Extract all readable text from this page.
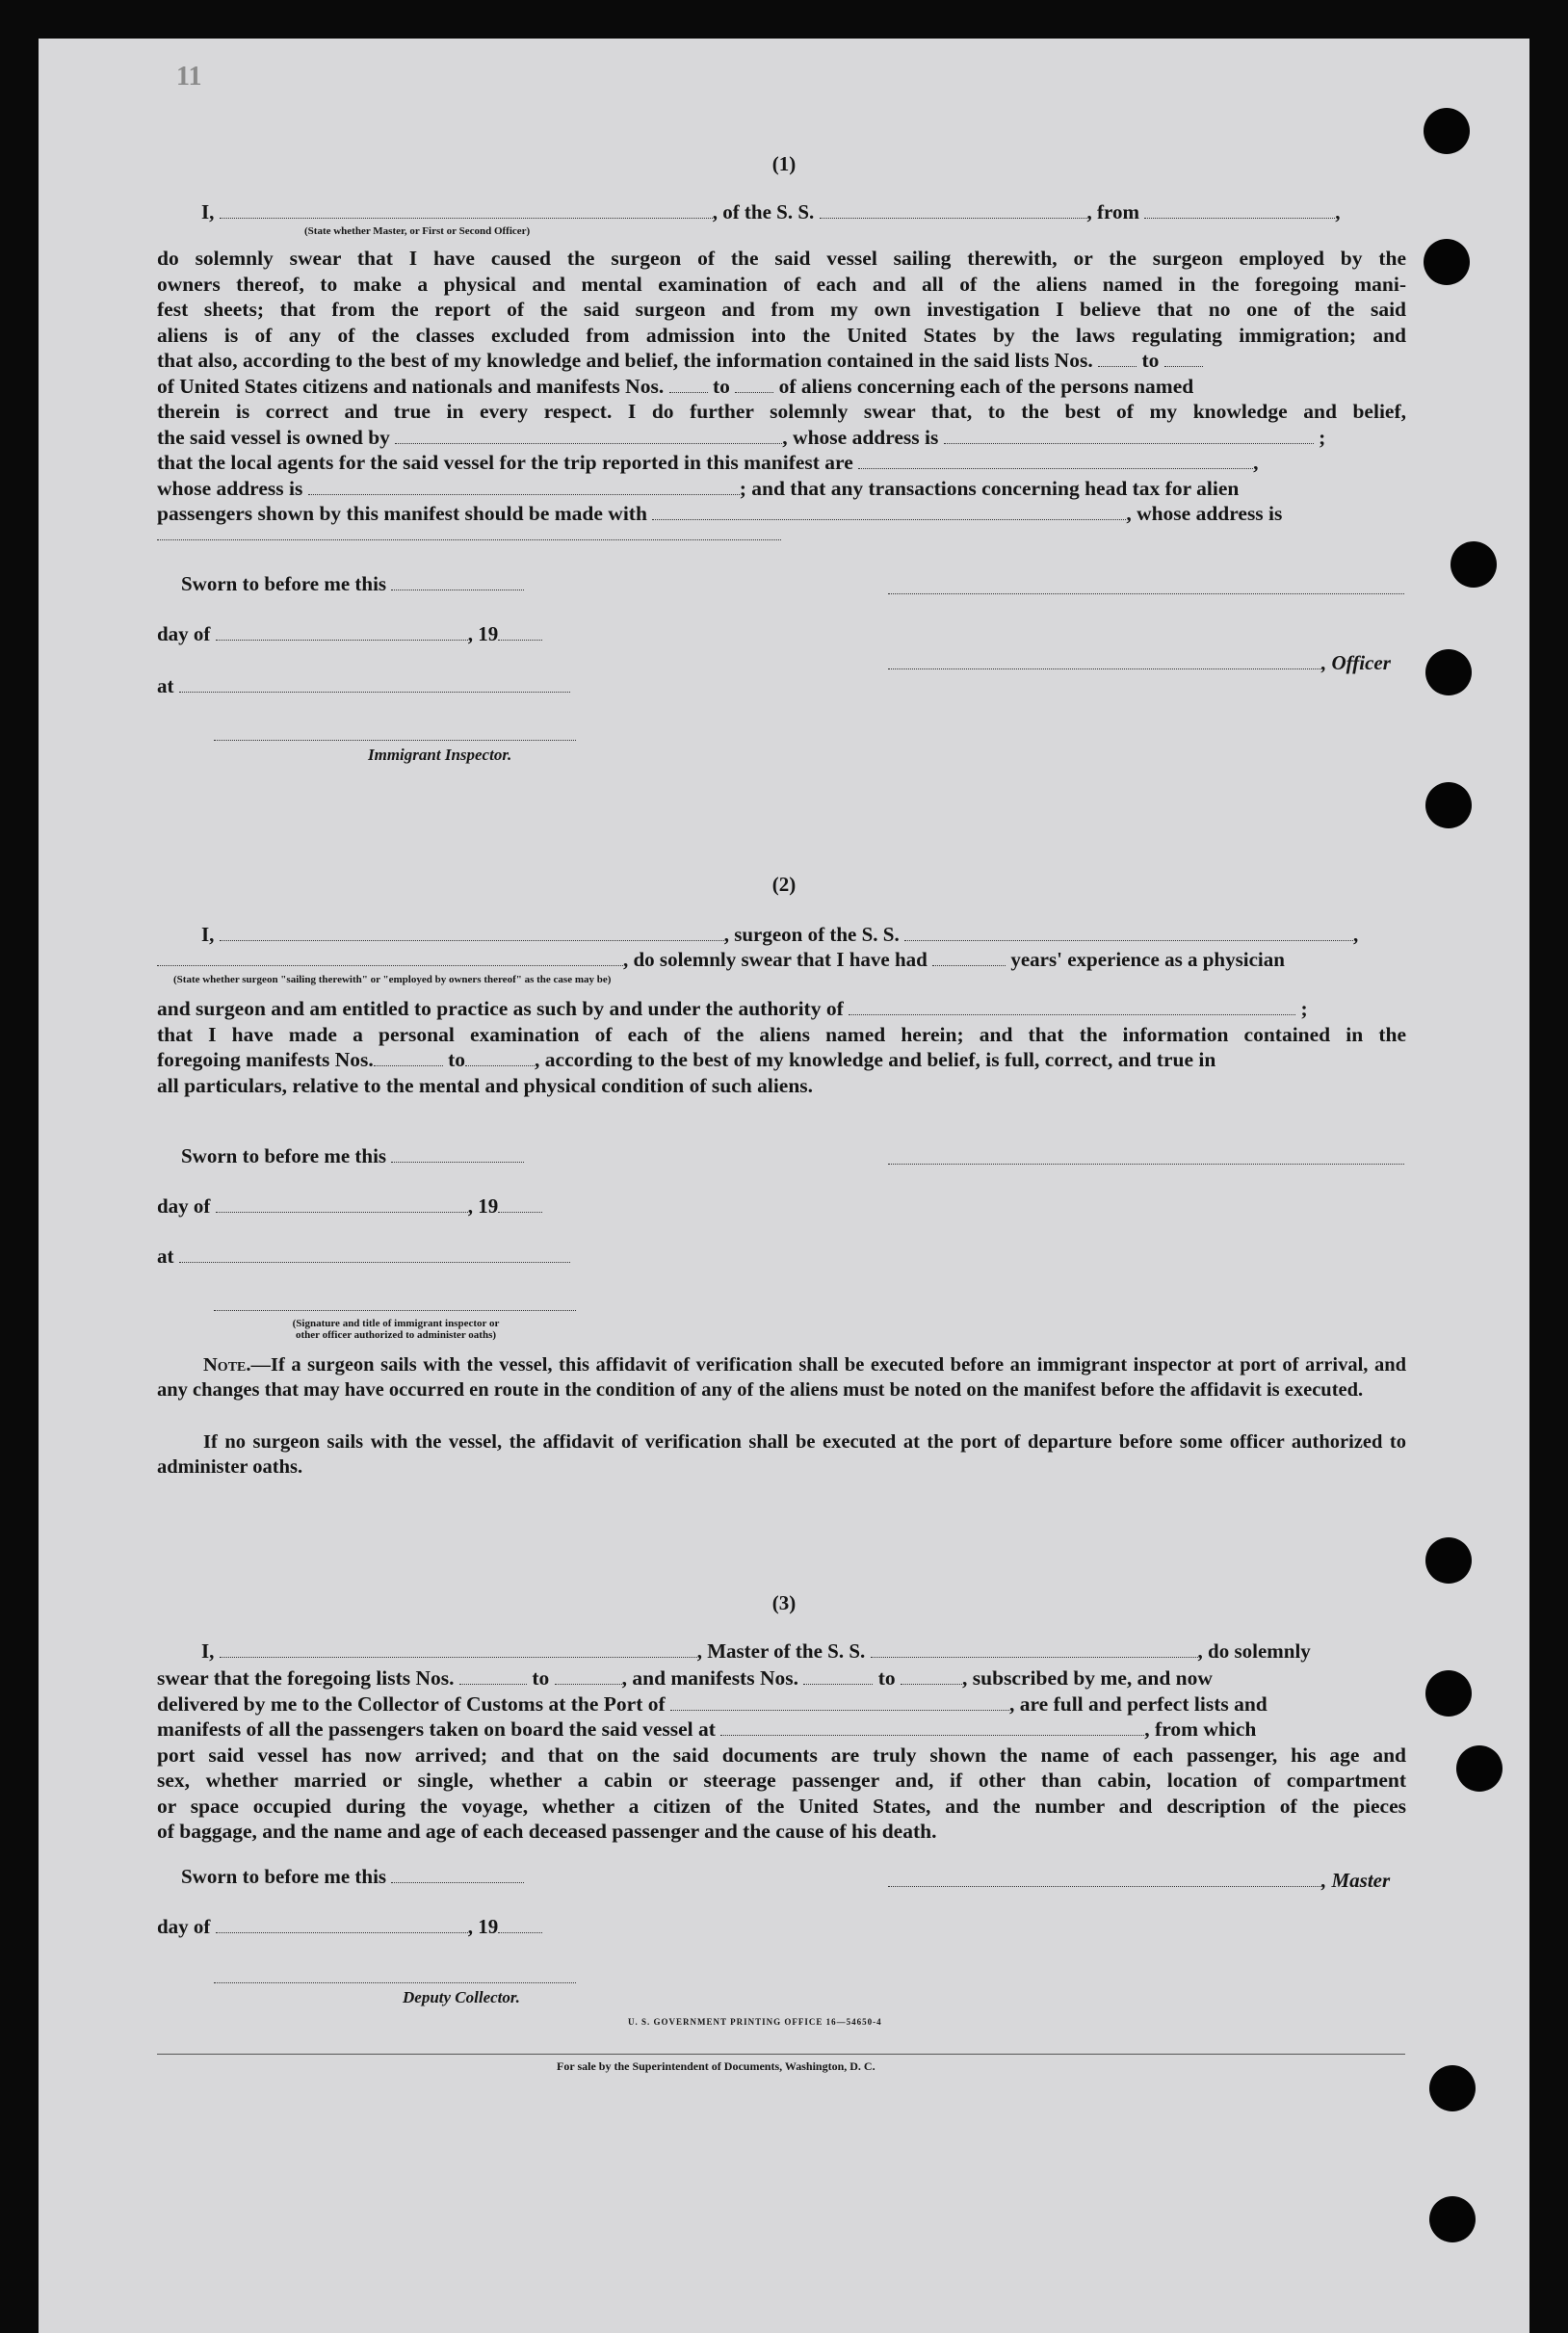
11
(1)
I,	, of the S. S.	, from	,
(State whether Master, or First or Second Officer)
do solemnly swear that I have caused the surgeon of the said vessel sailing therewith, or the surgeon employed by the
owners thereof, to make a physical and mental examination of each and all of the aliens named in the foregoing mani-
fest sheets; that from the report of the said surgeon and from my own investigation I believe that no one of the said
aliens is of any of the classes excluded from admission into the United States by the laws regulating immigration; and
that also, according to the best of my knowledge and belief, the information contained in the said lists Nos. to
of United States citizens and nationals and manifests Nos. to of aliens concerning each of the persons named
therein is correct and true in every respect. I do further solemnly swear that, to the best of my knowledge and belief,
the said vessel is owned by	, whose address is	;
that the local agents for the said vessel for the trip reported in this manifest are	,
whose address is	; and that any transactions concerning head tax for alien
passengers shown by this manifest should be made with	, whose address is
Sworn to before me this
day of	, 19
, Officer
at
Immigrant Inspector.
(2)
I,	, surgeon of the S. S.	,
, do solemnly swear that I have had	years' experience as a physician
(State whether surgeon "sailing therewith" or "employed by owners thereof" as the case may be)
and surgeon and am entitled to practice as such by and under the authority of	;
that I have made a personal examination of each of the aliens named herein; and that the information contained in the
foregoing manifests Nos.	to	, according to the best of my knowledge and belief, is full, correct, and true in
all particulars, relative to the mental and physical condition of such aliens.
Sworn to before me this
day of	, 19
at
(Signature and title of immigrant inspector or
other officer authorized to administer oaths)
Note.—If a surgeon sails with the vessel, this affidavit of verification shall be executed before an immigrant inspector at port of arrival, and any changes that may have occurred en route in the condition of any of the aliens must be noted on the manifest before the affidavit is executed.
If no surgeon sails with the vessel, the affidavit of verification shall be executed at the port of departure before some officer authorized to administer oaths.
(3)
I,	, Master of the S. S.	, do solemnly
swear that the foregoing lists Nos.	to	, and manifests Nos.	to	, subscribed by me, and now
delivered by me to the Collector of Customs at the Port of	, are full and perfect lists and
manifests of all the passengers taken on board the said vessel at	, from which
port said vessel has now arrived; and that on the said documents are truly shown the name of each passenger, his age and
sex, whether married or single, whether a cabin or steerage passenger and, if other than cabin, location of compartment
or space occupied during the voyage, whether a citizen of the United States, and the number and description of the pieces
of baggage, and the name and age of each deceased passenger and the cause of his death.
Sworn to before me this	, Master
day of	, 19
Deputy Collector.
U. S. GOVERNMENT PRINTING OFFICE 16—54650-4
For sale by the Superintendent of Documents, Washington, D. C.
